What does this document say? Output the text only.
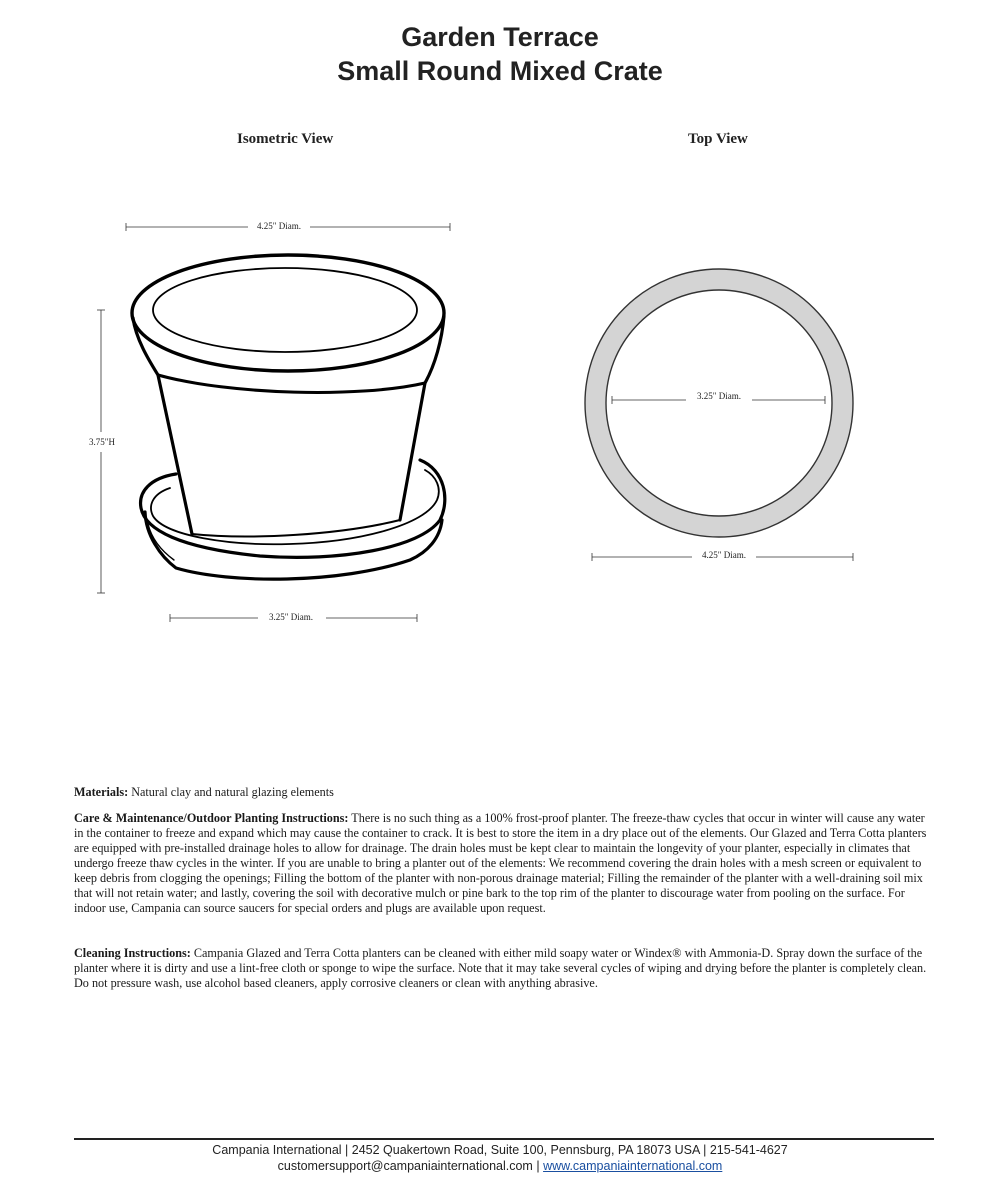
Garden Terrace
Small Round Mixed Crate
Isometric View	Top View
4.25" Diam.
3.75"H
3.25" Diam.
3.25" Diam.
4.25" Diam.
Materials: Natural clay and natural glazing elements
Care & Maintenance/Outdoor Planting Instructions: There is no such thing as a 100% frost-proof planter. The freeze-thaw cycles that occur in winter will cause any water in the container to freeze and expand which may cause the container to crack. It is best to store the item in a dry place out of the elements. Our Glazed and Terra Cotta planters are equipped with pre-installed drainage holes to allow for drainage. The drain holes must be kept clear to maintain the longevity of your planter, especially in climates that undergo freeze thaw cycles in the winter. If you are unable to bring a planter out of the elements: We recommend covering the drain holes with a mesh screen or equivalent to keep debris from clogging the openings; Filling the bottom of the planter with non-porous drainage material; Filling the remainder of the planter with a well-draining soil mix that will not retain water; and lastly, covering the soil with decorative mulch or pine bark to the top rim of the planter to discourage water from pooling on the surface. For indoor use, Campania can source saucers for special orders and plugs are available upon request.
Cleaning Instructions: Campania Glazed and Terra Cotta planters can be cleaned with either mild soapy water or Windex® with Ammonia-D. Spray down the surface of the planter where it is dirty and use a lint-free cloth or sponge to wipe the surface. Note that it may take several cycles of wiping and drying before the planter is completely clean. Do not pressure wash, use alcohol based cleaners, apply corrosive cleaners or clean with anything abrasive.
Campania International | 2452 Quakertown Road, Suite 100, Pennsburg, PA 18073 USA | 215-541-4627
customersupport@campaniainternational.com | www.campaniainternational.com
